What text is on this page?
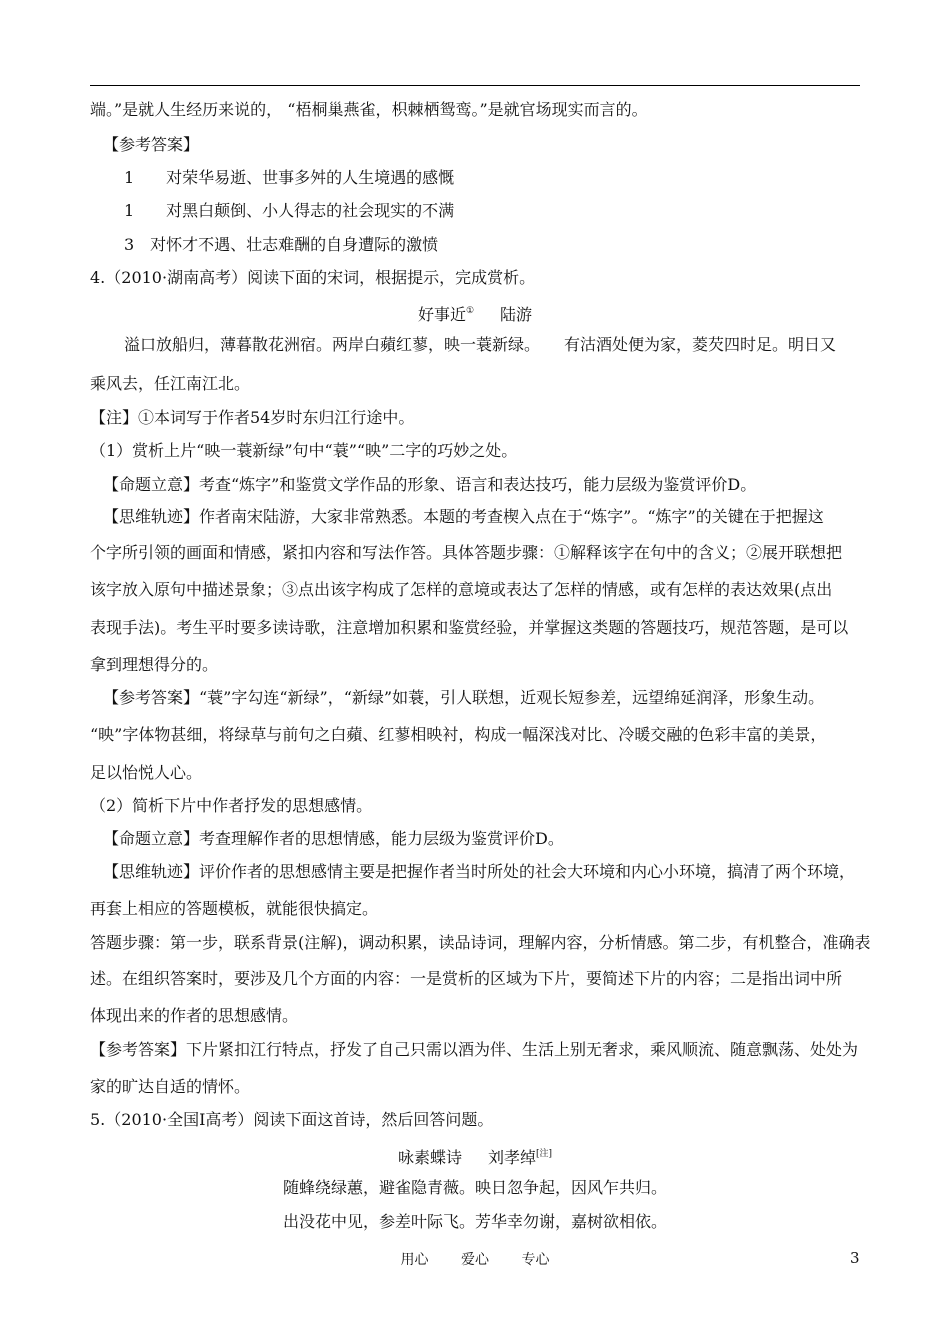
端。”是就人生经历来说的， “梧桐巢燕雀，枳棘栖鸳鸾。”是就官场现实而言的。
【参考答案】
1　　对荣华易逝、世事多舛的人生境遇的感慨
1　　对黑白颠倒、小人得志的社会现实的不满
3　对怀才不遇、壮志难酬的自身遭际的激愤
4.（2010·湖南高考）阅读下面的宋词，根据提示，完成赏析。
好事近① 陆游
溢口放船归，薄暮散花洲宿。两岸白蘋红蓼，映一蓑新绿。　　有沽酒处便为家，菱芡四时足。明日又
乘风去，任江南江北。
【注】①本词写于作者54岁时东归江行途中。
（1）赏析上片“映一蓑新绿”句中“蓑”“映”二字的巧妙之处。
【命题立意】考查“炼字”和鉴赏文学作品的形象、语言和表达技巧，能力层级为鉴赏评价D。
【思维轨迹】作者南宋陆游，大家非常熟悉。本题的考查楔入点在于“炼字”。“炼字”的关键在于把握这
个字所引领的画面和情感，紧扣内容和写法作答。具体答题步骤：①解释该字在句中的含义；②展开联想把
该字放入原句中描述景象；③点出该字构成了怎样的意境或表达了怎样的情感，或有怎样的表达效果(点出
表现手法)。考生平时要多读诗歌，注意增加积累和鉴赏经验，并掌握这类题的答题技巧，规范答题，是可以
拿到理想得分的。
【参考答案】“蓑”字勾连“新绿”，“新绿”如蓑，引人联想，近观长短参差，远望绵延润泽，形象生动。
“映”字体物甚细，将绿草与前句之白蘋、红蓼相映衬，构成一幅深浅对比、冷暖交融的色彩丰富的美景，
足以怡悦人心。
（2）简析下片中作者抒发的思想感情。
【命题立意】考查理解作者的思想情感，能力层级为鉴赏评价D。
【思维轨迹】评价作者的思想感情主要是把握作者当时所处的社会大环境和内心小环境，搞清了两个环境，
再套上相应的答题模板，就能很快搞定。
答题步骤：第一步，联系背景(注解)，调动积累，读品诗词，理解内容，分析情感。第二步，有机整合，准确表
述。在组织答案时，要涉及几个方面的内容：一是赏析的区域为下片，要简述下片的内容；二是指出词中所
体现出来的作者的思想感情。
【参考答案】下片紧扣江行特点，抒发了自己只需以酒为伴、生活上别无奢求，乘风顺流、随意飘荡、处处为
家的旷达自适的情怀。
5.（2010·全国Ⅰ高考）阅读下面这首诗，然后回答问题。
咏素蝶诗 刘孝绰[注]
随蜂绕绿蕙，避雀隐青薇。映日忽争起，因风乍共归。
出没花中见，参差叶际飞。芳华幸勿谢，嘉树欲相依。
用心 爱心 专心	3
